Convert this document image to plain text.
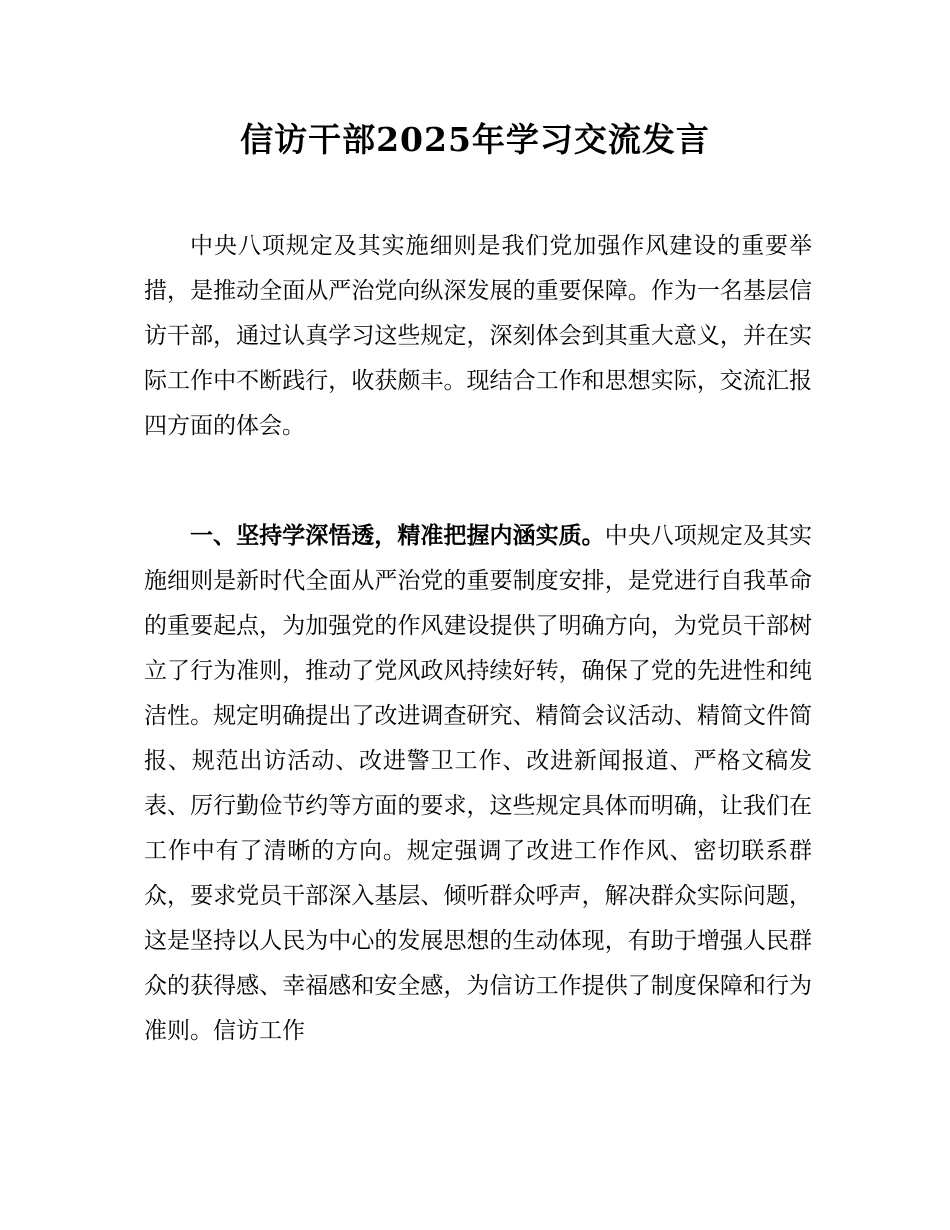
信访干部2025年学习交流发言

中央八项规定及其实施细则是我们党加强作风建设的重要举措，是推动全面从严治党向纵深发展的重要保障。作为一名基层信访干部，通过认真学习这些规定，深刻体会到其重大意义，并在实际工作中不断践行，收获颇丰。现结合工作和思想实际，交流汇报四方面的体会。

一、坚持学深悟透，精准把握内涵实质。中央八项规定及其实施细则是新时代全面从严治党的重要制度安排，是党进行自我革命的重要起点，为加强党的作风建设提供了明确方向，为党员干部树立了行为准则，推动了党风政风持续好转，确保了党的先进性和纯洁性。规定明确提出了改进调查研究、精简会议活动、精简文件简报、规范出访活动、改进警卫工作、改进新闻报道、严格文稿发表、厉行勤俭节约等方面的要求，这些规定具体而明确，让我们在工作中有了清晰的方向。规定强调了改进工作作风、密切联系群众，要求党员干部深入基层、倾听群众呼声，解决群众实际问题，这是坚持以人民为中心的发展思想的生动体现，有助于增强人民群众的获得感、幸福感和安全感，为信访工作提供了制度保障和行为准则。信访工作
